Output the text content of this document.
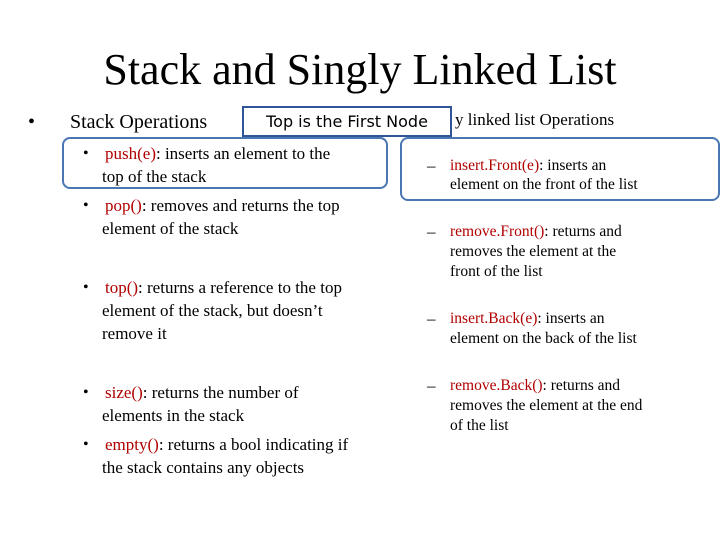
Stack and Singly Linked List
• Stack Operations	y linked list Operations
• push(e): inserts an element to the
top of the stack
• pop(): removes and returns the top
element of the stack
• top(): returns a reference to the top
element of the stack, but doesn’t
remove it
• size(): returns the number of
elements in the stack
• empty(): returns a bool indicating if
the stack contains any objects
– insert.Front(e): inserts an
element on the front of the list
– remove.Front(): returns and
removes the element at the
front of the list
– insert.Back(e): inserts an
element on the back of the list
– remove.Back(): returns and
removes the element at the end
of the list
Top is the First Node
